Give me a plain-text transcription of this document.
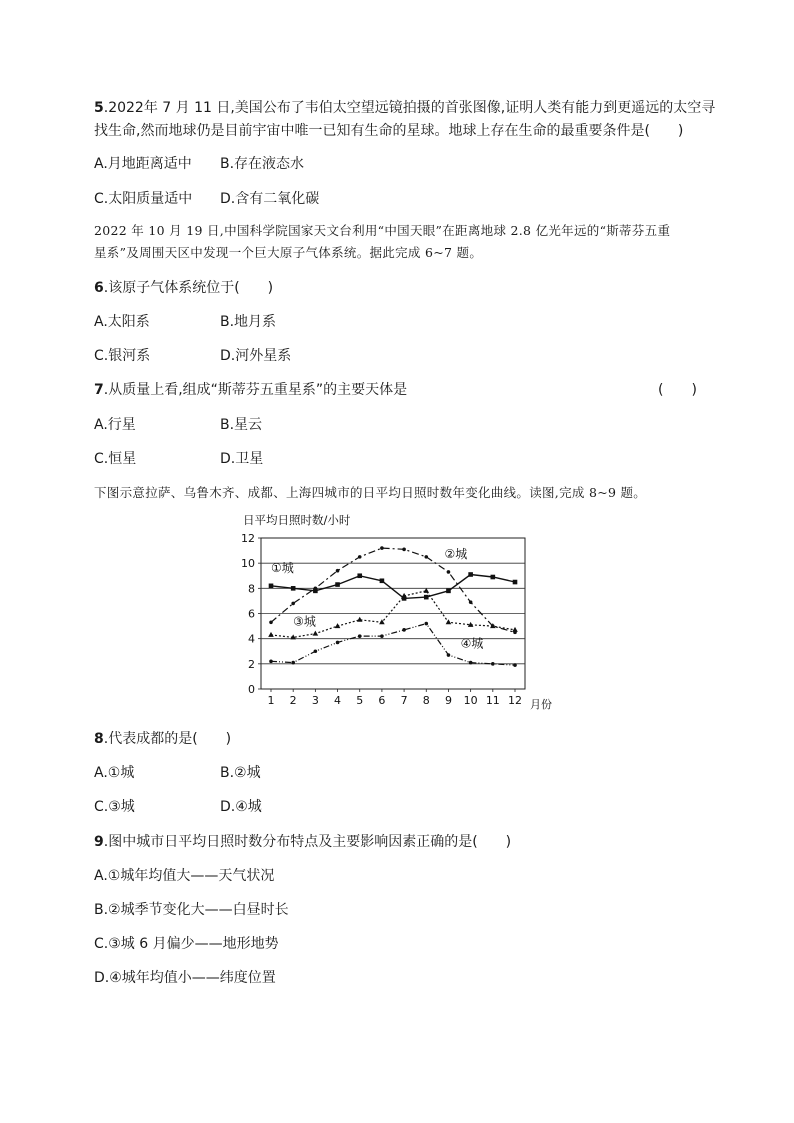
5.2022年 7 月 11 日,美国公布了韦伯太空望远镜拍摄的首张图像,证明人类有能力到更遥远的太空寻
找生命,然而地球仍是目前宇宙中唯一已知有生命的星球。地球上存在生命的最重要条件是(　　)
A.月地距离适中 B.存在液态水
C.太阳质量适中 D.含有二氧化碳
2022 年 10 月 19 日,中国科学院国家天文台利用“中国天眼”在距离地球 2.8 亿光年远的“斯蒂芬五重
星系”及周围天区中发现一个巨大原子气体系统。据此完成 6~7 题。
6.该原子气体系统位于(　　)
A.太阳系	B.地月系
C.银河系	D.河外星系
7.从质量上看,组成“斯蒂芬五重星系”的主要天体是	(　　)
A.行星	B.星云
C.恒星	D.卫星
下图示意拉萨、乌鲁木齐、成都、上海四城市的日平均日照时数年变化曲线。读图,完成 8~9 题。
日平均日照时数/小时
①城
②城
③城
④城
0
2
4
6
8
10
12
1 2 3 4 5 6 7 8 9 10 11 12 月份
8.代表成都的是(　　)
A.①城	B.②城
C.③城	D.④城
9.图中城市日平均日照时数分布特点及主要影响因素正确的是(　　)
A.①城年均值大——天气状况
B.②城季节变化大——白昼时长
C.③城 6 月偏少——地形地势
D.④城年均值小——纬度位置
